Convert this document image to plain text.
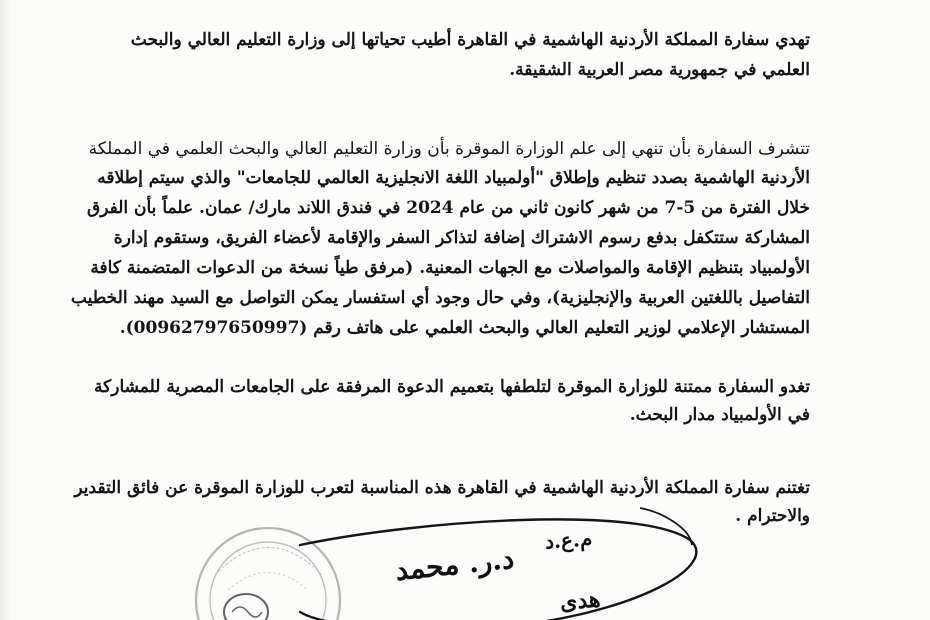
تهدي سفارة المملكة الأردنية الهاشمية في القاهرة أطيب تحياتها إلى وزارة التعليم العالي والبحث
العلمي في جمهورية مصر العربية الشقيقة.
تتشرف السفارة بأن تنهي إلى علم الوزارة الموقرة بأن وزارة التعليم العالي والبحث العلمي في المملكة
الأردنية الهاشمية بصدد تنظيم وإطلاق "أولمبياد اللغة الانجليزية العالمي للجامعات" والذي سيتم إطلاقه
خلال الفترة من 5-7 من شهر كانون ثاني من عام 2024 في فندق اللاند مارك/ عمان. علماً بأن الفرق
المشاركة ستتكفل بدفع رسوم الاشتراك إضافة لتذاكر السفر والإقامة لأعضاء الفريق، وستقوم إدارة
الأولمبياد بتنظيم الإقامة والمواصلات مع الجهات المعنية. (مرفق طياً نسخة من الدعوات المتضمنة كافة
التفاصيل باللغتين العربية والإنجليزية)، وفي حال وجود أي استفسار يمكن التواصل مع السيد مهند الخطيب
المستشار الإعلامي لوزير التعليم العالي والبحث العلمي على هاتف رقم (00962797650997).
تغدو السفارة ممتنة للوزارة الموقرة لتلطفها بتعميم الدعوة المرفقة على الجامعات المصرية للمشاركة
في الأولمبياد مدار البحث.
تغتنم سفارة المملكة الأردنية الهاشمية في القاهرة هذه المناسبة لتعرب للوزارة الموقرة عن فائق التقدير
والاحترام .
د.ر. محمد
م.ع.د
هدى
